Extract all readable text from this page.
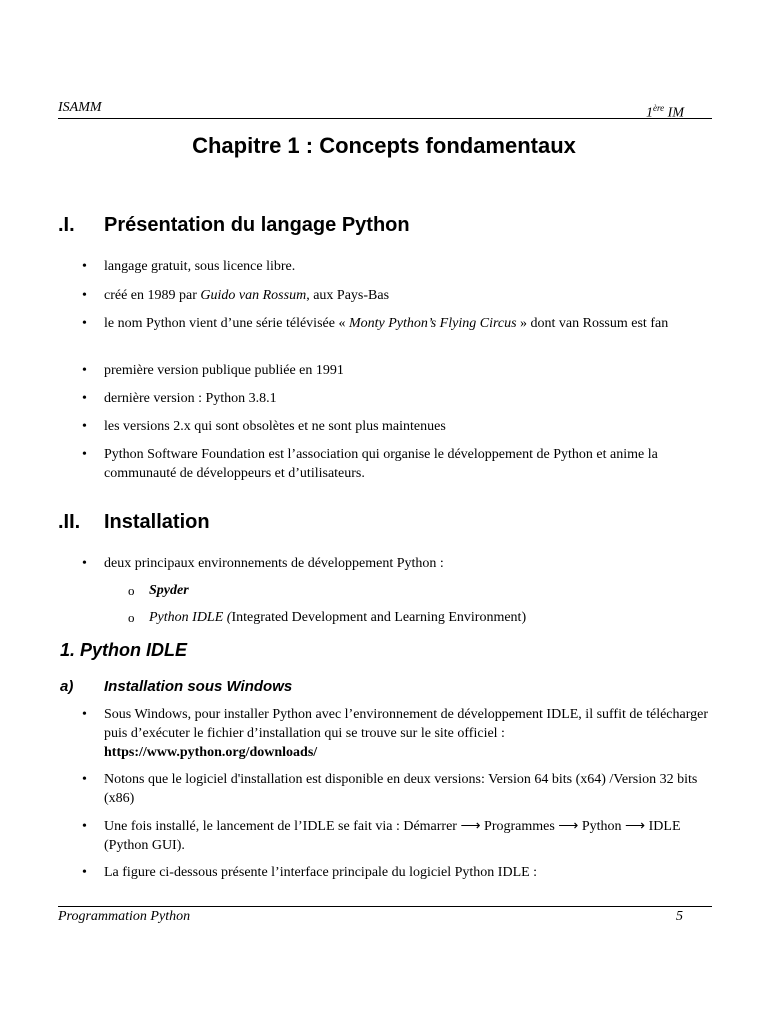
ISAMM	1ère IM
Chapitre 1 : Concepts fondamentaux
.I. Présentation du langage Python
• langage gratuit, sous licence libre.
• créé en 1989 par Guido van Rossum, aux Pays-Bas
• le nom Python vient d’une série télévisée « Monty Python’s Flying Circus » dont van Rossum est fan
• première version publique publiée en 1991
• dernière version : Python 3.8.1
• les versions 2.x qui sont obsolètes et ne sont plus maintenues
• Python Software Foundation est l’association qui organise le développement de Python et anime la communauté de développeurs et d’utilisateurs.
.II. Installation
• deux principaux environnements de développement Python :
o Spyder
o Python IDLE (Integrated Development and Learning Environment)
1. Python IDLE
a) Installation sous Windows
• Sous Windows, pour installer Python avec l’environnement de développement IDLE, il suffit de télécharger puis d’exécuter le fichier d’installation qui se trouve sur le site officiel : https://www.python.org/downloads/
• Notons que le logiciel d'installation est disponible en deux versions: Version 64 bits (x64) /Version 32 bits (x86)
• Une fois installé, le lancement de l’IDLE se fait via : Démarrer ⟶ Programmes ⟶ Python ⟶ IDLE (Python GUI).
• La figure ci-dessous présente l’interface principale du logiciel Python IDLE :
Programmation Python	5
